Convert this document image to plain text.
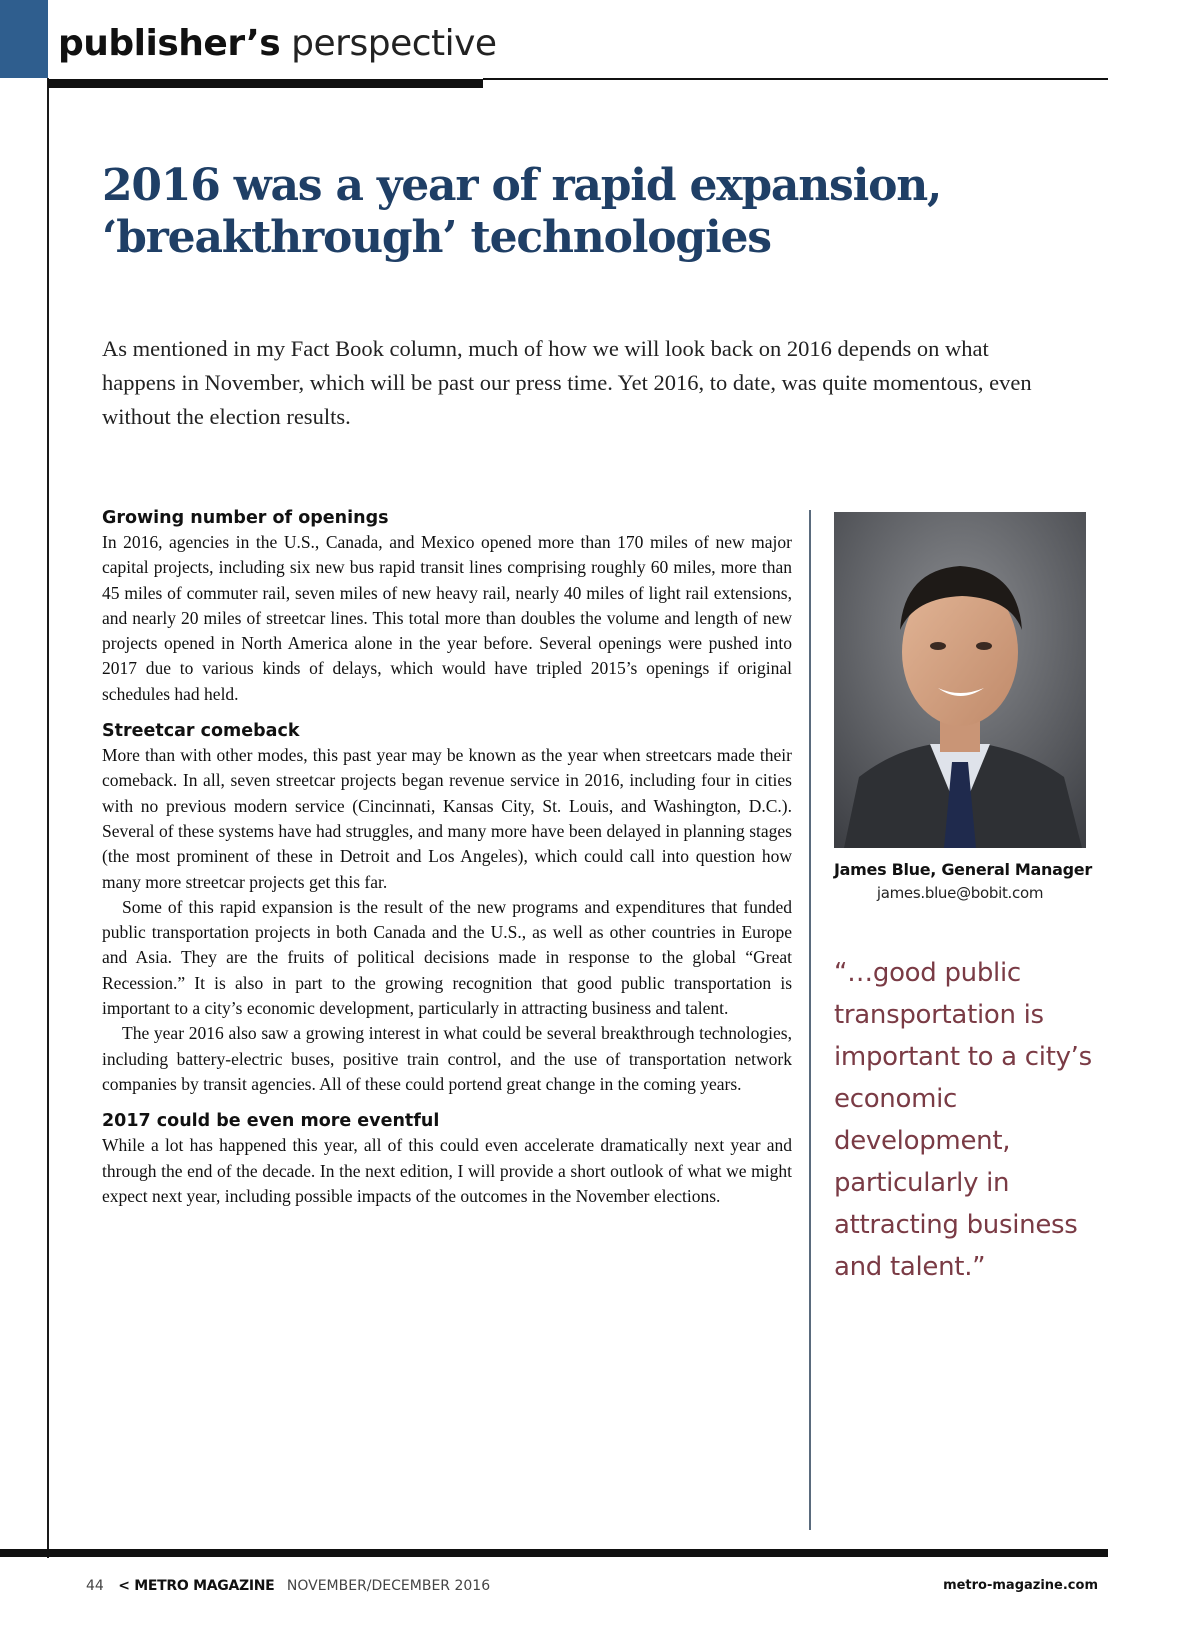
publisher’s perspective
2016 was a year of rapid expansion,
‘breakthrough’ technologies

As mentioned in my Fact Book column, much of how we will look back on 2016 depends on what happens in November, which will be past our press time. Yet 2016, to date, was quite momentous, even without the election results.

Growing number of openings

In 2016, agencies in the U.S., Canada, and Mexico opened more than 170 miles of new major capital projects, including six new bus rapid transit lines comprising roughly 60 miles, more than 45 miles of commuter rail, seven miles of new heavy rail, nearly 40 miles of light rail extensions, and nearly 20 miles of streetcar lines. This total more than doubles the volume and length of new projects opened in North America alone in the year before. Several openings were pushed into 2017 due to various kinds of delays, which would have tripled 2015’s openings if original schedules had held.

Streetcar comeback

More than with other modes, this past year may be known as the year when streetcars made their comeback. In all, seven streetcar projects began revenue service in 2016, including four in cities with no previous modern service (Cincinnati, Kansas City, St. Louis, and Washington, D.C.). Several of these systems have had struggles, and many more have been delayed in planning stages (the most prominent of these in Detroit and Los Angeles), which could call into question how many more streetcar projects get this far.

Some of this rapid expansion is the result of the new programs and expenditures that funded public transportation projects in both Canada and the U.S., as well as other countries in Europe and Asia. They are the fruits of political decisions made in response to the global “Great Recession.” It is also in part to the growing recognition that good public transportation is important to a city’s economic development, particularly in attracting business and talent.

The year 2016 also saw a growing interest in what could be several breakthrough technologies, including battery-electric buses, positive train control, and the use of transportation network companies by transit agencies. All of these could portend great change in the coming years.

2017 could be even more eventful

While a lot has happened this year, all of this could even accelerate dramatically next year and through the end of the decade. In the next edition, I will provide a short outlook of what we might expect next year, including possible impacts of the outcomes in the November elections.

James Blue, General Manager
james.blue@bobit.com

“…good public transportation is important to a city’s economic development, particularly in attracting business and talent.”

44 < METRO MAGAZINE NOVEMBER/DECEMBER 2016	metro-magazine.com
